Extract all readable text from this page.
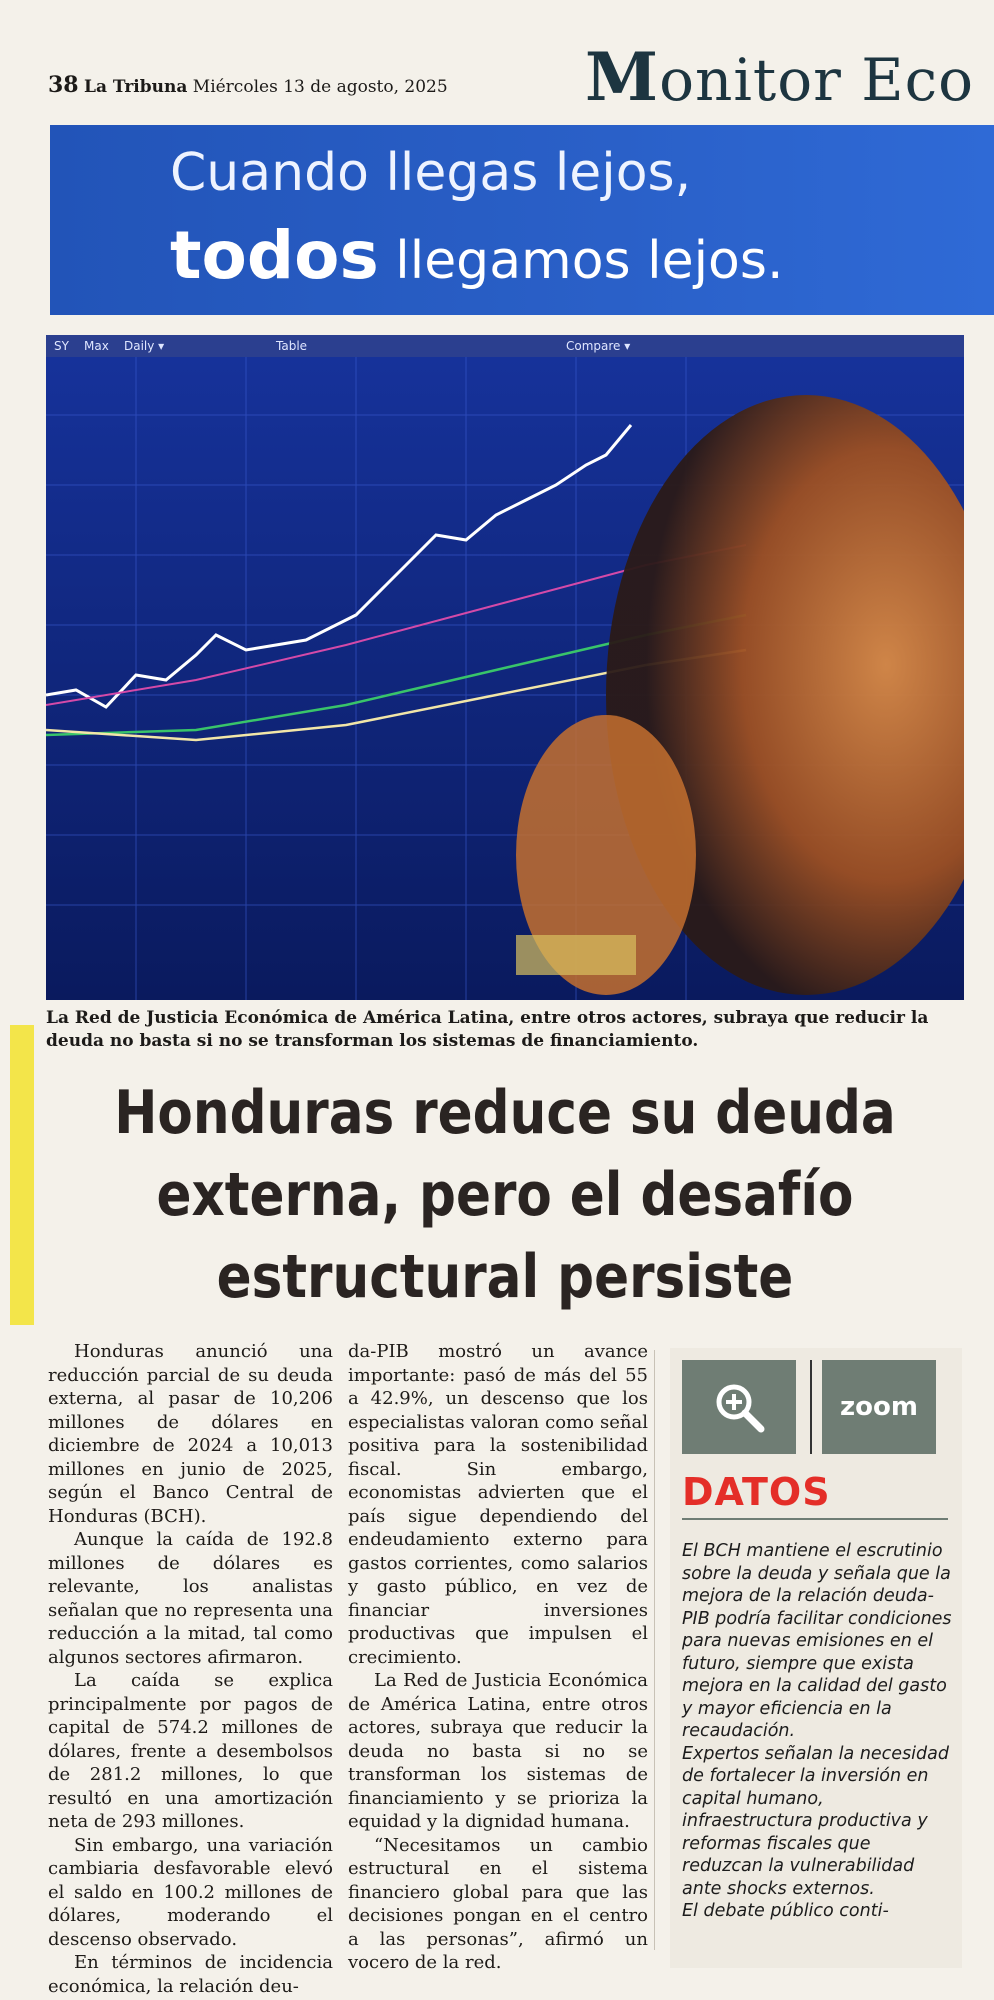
38 La Tribuna Miércoles 13 de agosto, 2025 Monitor Eco
Cuando llegas lejos,
todos llegamos lejos.
SY Max Daily ▾	Table	Compare ▾
La Red de Justicia Económica de América Latina, entre otros actores, subraya que reducir la deuda no basta si no se transforman los sistemas de financiamiento.
Honduras reduce su deuda
externa, pero el desafío
estructural persiste

Honduras anunció una reducción parcial de su deuda externa, al pasar de 10,206 millones de dólares en diciembre de 2024 a 10,013 millones en junio de 2025, según el Banco Central de Honduras (BCH).

Aunque la caída de 192.8 millones de dólares es relevante, los analistas señalan que no representa una reducción a la mitad, tal como algunos sectores afirmaron.

La caída se explica principalmente por pagos de capital de 574.2 millones de dólares, frente a desembolsos de 281.2 millones, lo que resultó en una amortización neta de 293 millones.

Sin embargo, una variación cambiaria desfavorable elevó el saldo en 100.2 millones de dólares, moderando el descenso observado.

En términos de incidencia económica, la relación deu-

da-PIB mostró un avance importante: pasó de más del 55 a 42.9%, un descenso que los especialistas valoran como señal positiva para la sostenibilidad fiscal. Sin embargo, economistas advierten que el país sigue dependiendo del endeudamiento externo para gastos corrientes, como salarios y gasto público, en vez de financiar inversiones productivas que impulsen el crecimiento.

La Red de Justicia Económica de América Latina, entre otros actores, subraya que reducir la deuda no basta si no se transforman los sistemas de financiamiento y se prioriza la equidad y la dignidad humana.

“Necesitamos un cambio estructural en el sistema financiero global para que las decisiones pongan en el centro a las personas”, afirmó un vocero de la red.

zoom
DATOS

El BCH mantiene el escrutinio sobre la deuda y señala que la mejora de la relación deuda-PIB podría facilitar condiciones para nuevas emisiones en el futuro, siempre que exista mejora en la calidad del gasto y mayor eficiencia en la recaudación.

Expertos señalan la necesidad de fortalecer la inversión en capital humano, infraestructura productiva y reformas fiscales que reduzcan la vulnerabilidad ante shocks externos.

El debate público conti-
